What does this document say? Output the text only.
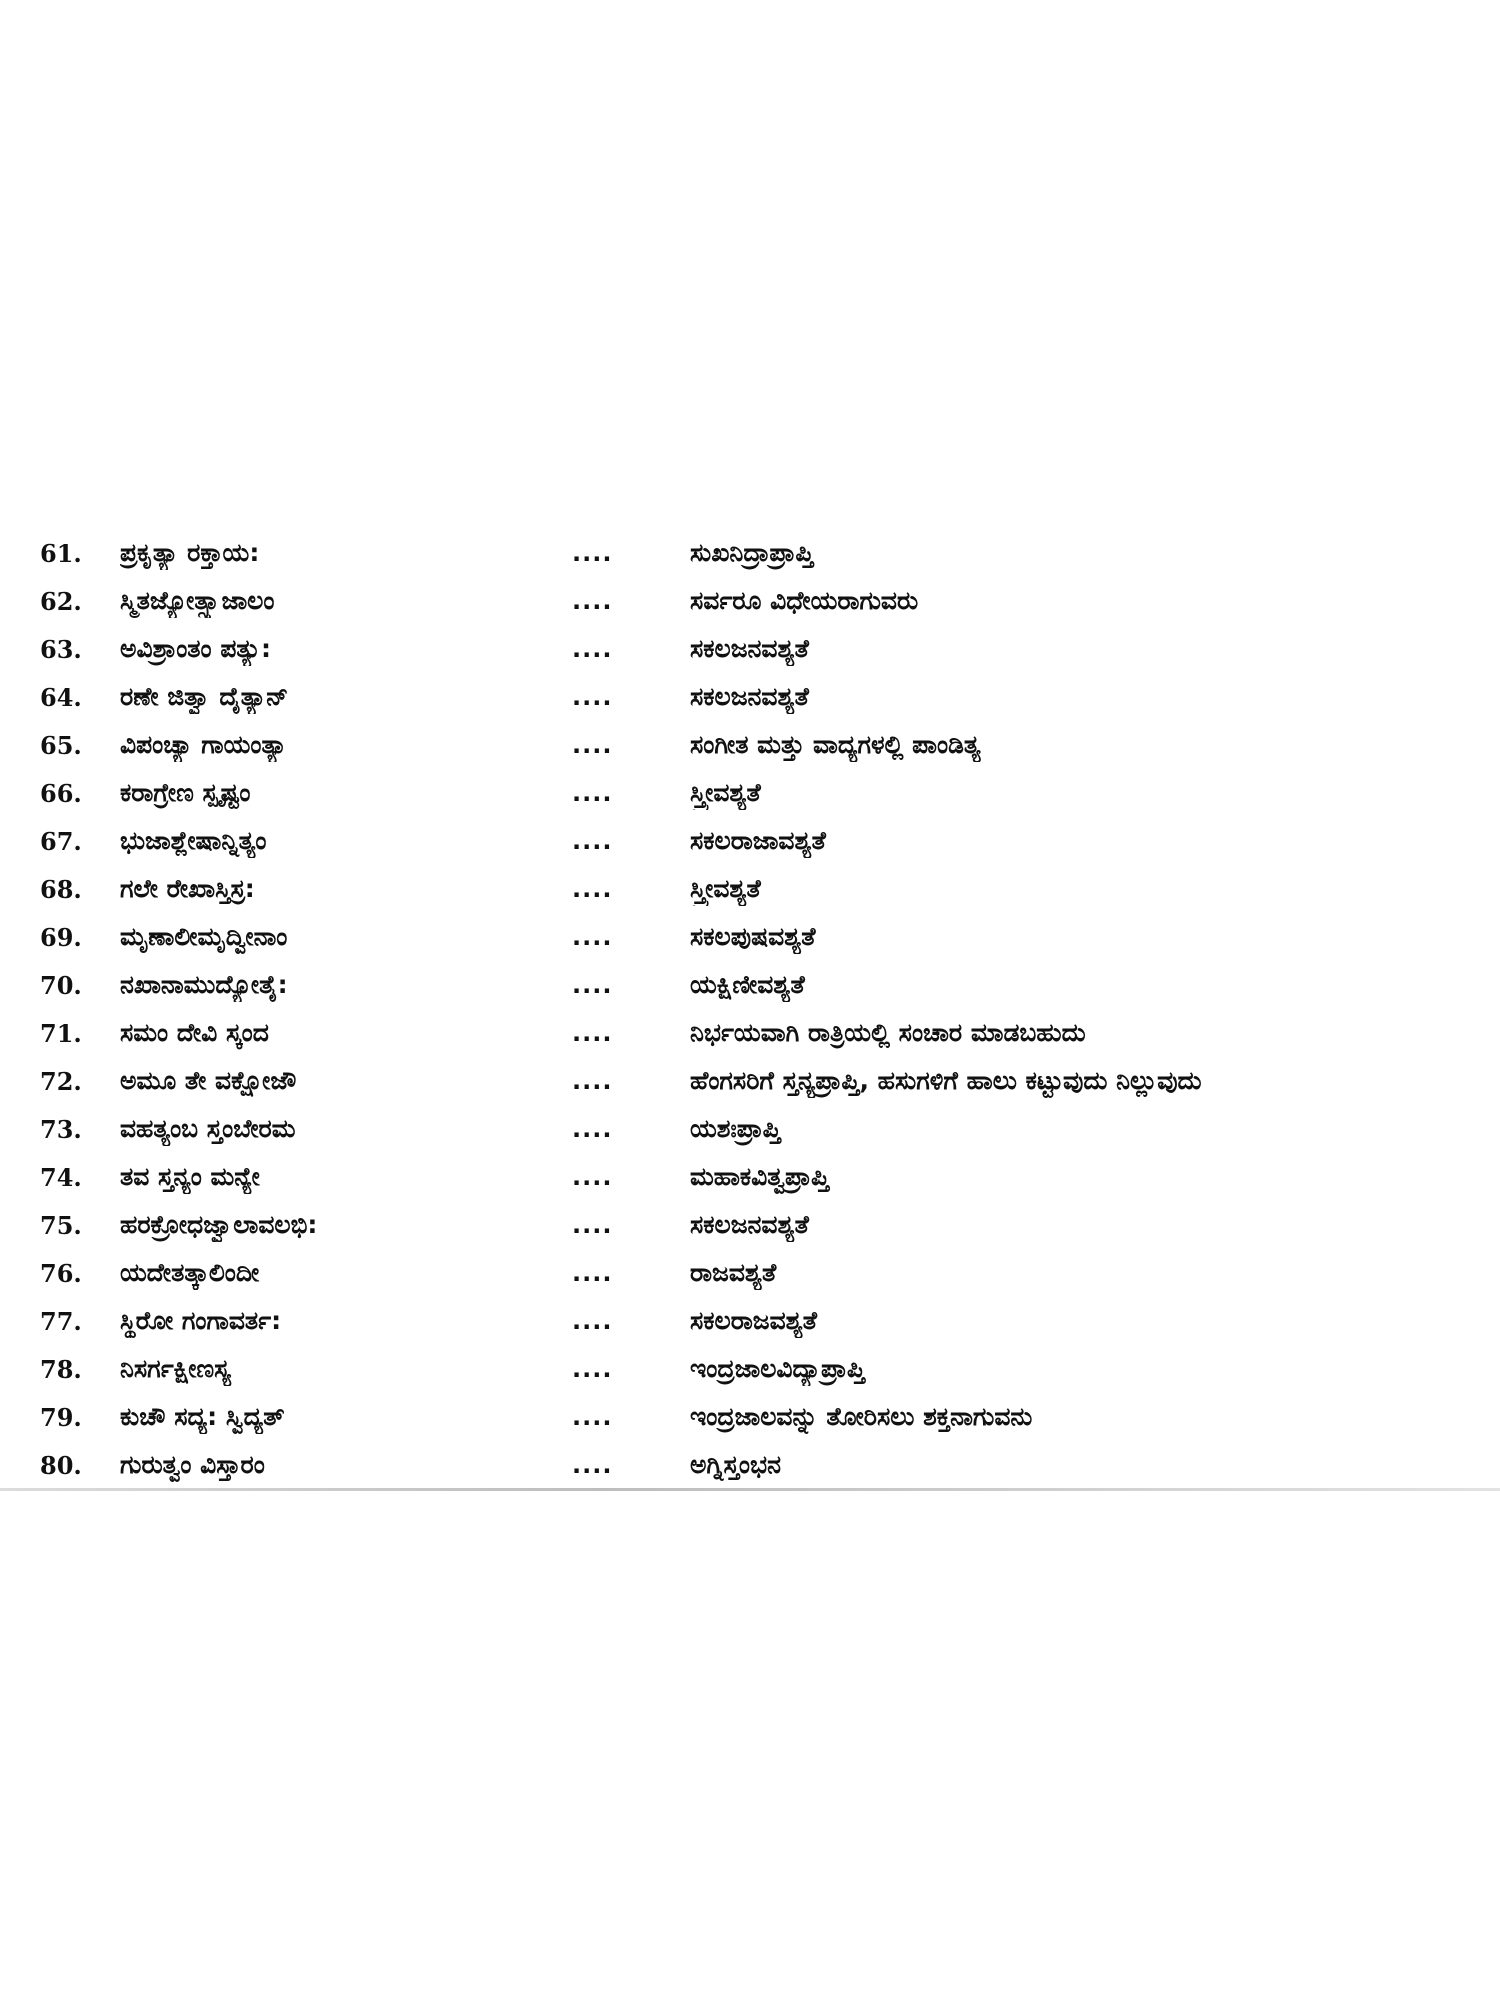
61.	ಪ್ರಕೃತ್ಯಾ ರಕ್ತಾಯ:	....	ಸುಖನಿದ್ರಾಪ್ರಾಪ್ತಿ
62.	ಸ್ಮಿತಜ್ಯೋತ್ಸ್ನಾಜಾಲಂ	....	ಸರ್ವರೂ ವಿಧೇಯರಾಗುವರು
63.	ಅವಿಶ್ರಾಂತಂ ಪತ್ಯು:	....	ಸಕಲಜನವಶ್ಯತೆ
64.	ರಣೇ ಜಿತ್ವಾ ದೈತ್ಯಾನ್	....	ಸಕಲಜನವಶ್ಯತೆ
65.	ವಿಪಂಚ್ಯಾ ಗಾಯಂತ್ಯಾ	....	ಸಂಗೀತ ಮತ್ತು ವಾದ್ಯಗಳಲ್ಲಿ ಪಾಂಡಿತ್ಯ
66.	ಕರಾಗ್ರೇಣ ಸ್ಪೃಷ್ಟಂ	....	ಸ್ತ್ರೀವಶ್ಯತೆ
67.	ಭುಜಾಶ್ಲೇಷಾನ್ನಿತ್ಯಂ	....	ಸಕಲರಾಜಾವಶ್ಯತೆ
68.	ಗಲೇ ರೇಖಾಸ್ತಿಸ್ರ:	....	ಸ್ತ್ರೀವಶ್ಯತೆ
69.	ಮೃಣಾಲೀಮೃದ್ವೀನಾಂ	....	ಸಕಲಪುಷವಶ್ಯತೆ
70.	ನಖಾನಾಮುದ್ಯೋತೈ:	....	ಯಕ್ಷಿಣೀವಶ್ಯತೆ
71.	ಸಮಂ ದೇವಿ ಸ್ಕಂದ	....	ನಿರ್ಭಯವಾಗಿ ರಾತ್ರಿಯಲ್ಲಿ ಸಂಚಾರ ಮಾಡಬಹುದು
72.	ಅಮೂ ತೇ ವಕ್ಷೋಜೌ	....	ಹೆಂಗಸರಿಗೆ ಸ್ತನ್ಯಪ್ರಾಪ್ತಿ, ಹಸುಗಳಿಗೆ ಹಾಲು ಕಟ್ಟುವುದು ನಿಲ್ಲುವುದು
73.	ವಹತ್ಯಂಬ ಸ್ತಂಬೇರಮ	....	ಯಶಃಪ್ರಾಪ್ತಿ
74.	ತವ ಸ್ತನ್ಯಂ ಮನ್ಯೇ	....	ಮಹಾಕವಿತ್ವಪ್ರಾಪ್ತಿ
75.	ಹರಕ್ರೋಧಜ್ವಾಲಾವಲಭಿ:	....	ಸಕಲಜನವಶ್ಯತೆ
76.	ಯದೇತತ್ಕಾಲಿಂದೀ	....	ರಾಜವಶ್ಯತೆ
77.	ಸ್ಥಿರೋ ಗಂಗಾವರ್ತ:	....	ಸಕಲರಾಜವಶ್ಯತೆ
78.	ನಿಸರ್ಗಕ್ಷೀಣಸ್ಯ	....	ಇಂದ್ರಜಾಲವಿದ್ಯಾಪ್ರಾಪ್ತಿ
79.	ಕುಚೌ ಸದ್ಯ: ಸ್ವಿದ್ಯತ್	....	ಇಂದ್ರಜಾಲವನ್ನು ತೋರಿಸಲು ಶಕ್ತನಾಗುವನು
80.	ಗುರುತ್ವಂ ವಿಸ್ತಾರಂ	....	ಅಗ್ನಿಸ್ತಂಭನ
